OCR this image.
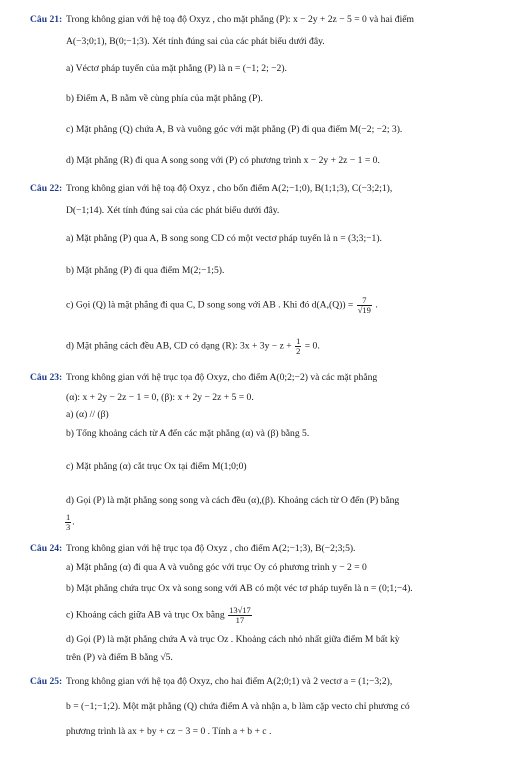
Câu 21: Trong không gian với hệ toạ độ Oxyz , cho mặt phẳng (P): x − 2y + 2z − 5 = 0 và hai điểm
A(−3;0;1), B(0;−1;3). Xét tính đúng sai của các phát biểu dưới đây.
a) Véctơ pháp tuyến của mặt phẳng (P) là n = (−1; 2; −2).
b) Điểm A, B nằm về cùng phía của mặt phẳng (P).
c) Mặt phẳng (Q) chứa A, B và vuông góc với mặt phẳng (P) đi qua điểm M(−2; −2; 3).
d) Mặt phẳng (R) đi qua A song song với (P) có phương trình x − 2y + 2z − 1 = 0.
Câu 22: Trong không gian với hệ toạ độ Oxyz , cho bốn điểm A(2;−1;0), B(1;1;3), C(−3;2;1),
D(−1;14). Xét tính đúng sai của các phát biểu dưới đây.
a) Mặt phẳng (P) qua A, B song song CD có một vectơ pháp tuyến là n = (3;3;−1).
b) Mặt phẳng (P) đi qua điểm M(2;−1;5).
c) Gọi (Q) là mặt phẳng đi qua C, D song song với AB . Khi đó $d(A,(Q)) = \frac{7}{√19}$ .
d) Mặt phẳng cách đều AB, CD có dạng (R): $3x + 3y - z + \frac{1}{2} = 0$.
Câu 23: Trong không gian với hệ trục tọa độ Oxyz, cho điểm A(0;2;−2) và các mặt phẳng
(α): x + 2y − 2z − 1 = 0, (β): x + 2y − 2z + 5 = 0.
a) (α) // (β)
b) Tổng khoảng cách từ A đến các mặt phẳng (α) và (β) bằng 5.
c) Mặt phẳng (α) cắt trục Ox tại điểm M(1;0;0)
d) Gọi (P) là mặt phẳng song song và cách đều (α),(β). Khoảng cách từ O đến (P) bằng
$\frac{1}{3}$ .
Câu 24: Trong không gian với hệ trục tọa độ Oxyz , cho điểm A(2;−1;3), B(−2;3;5).
a) Mặt phẳng (α) đi qua A và vuông góc với trục Oy có phương trình y − 2 = 0
b) Mặt phẳng chứa trục Ox và song song với AB có một véc tơ pháp tuyến là n = (0;1;−4).
c) Khoảng cách giữa AB và trục Ox bằng $\frac{13√17}{17}$
d) Gọi (P) là mặt phẳng chứa A và trục Oz . Khoảng cách nhỏ nhất giữa điểm M bất kỳ
trên (P) và điểm B bằng √5.
Câu 25: Trong không gian với hệ tọa độ Oxyz, cho hai điểm A(2;0;1) và 2 vectơ a = (1;−3;2),
b = (−1;−1;2). Một mặt phẳng (Q) chứa điểm A và nhận a, b làm cặp vecto chỉ phương có
phương trình là ax + by + cz − 3 = 0 . Tính a + b + c .
